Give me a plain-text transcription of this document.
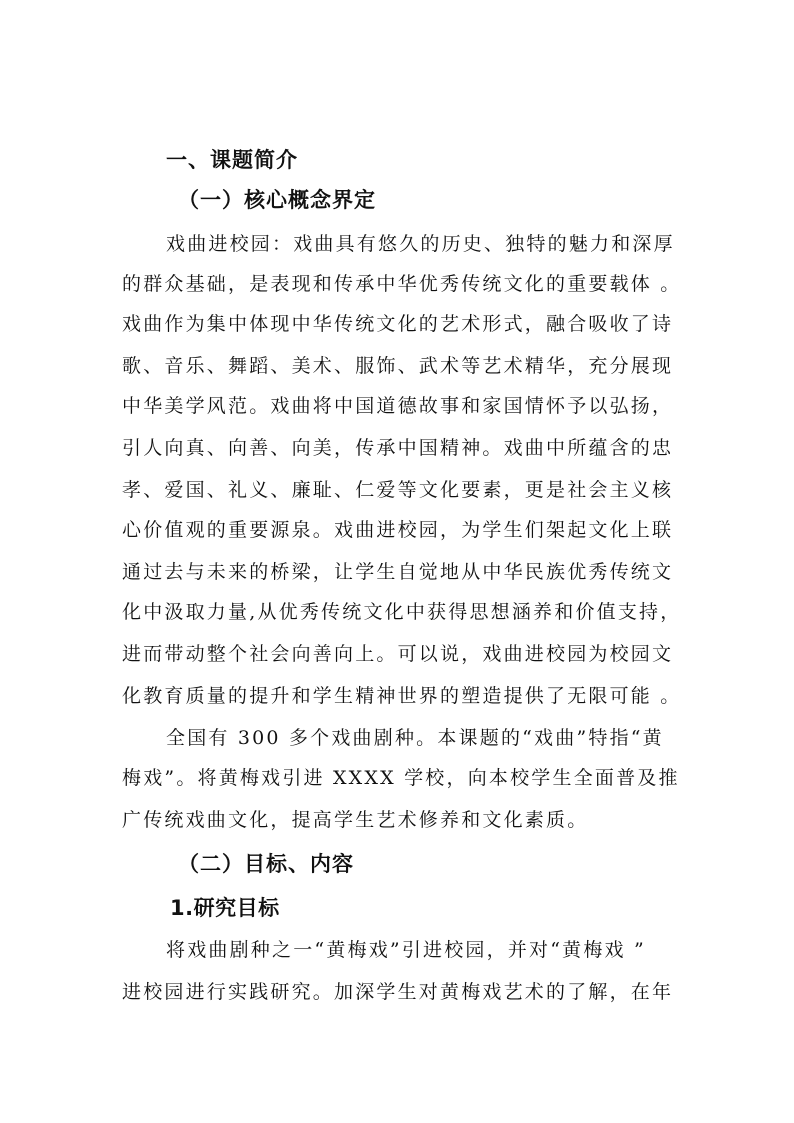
一、课题简介
（一）核心概念界定
戏曲进校园：戏曲具有悠久的历史、独特的魅力和深厚
的群众基础，是表现和传承中华优秀传统文化的重要载体 。
戏曲作为集中体现中华传统文化的艺术形式，融合吸收了诗
歌、音乐、舞蹈、美术、服饰、武术等艺术精华，充分展现
中华美学风范。戏曲将中国道德故事和家国情怀予以弘扬，
引人向真、向善、向美，传承中国精神。戏曲中所蕴含的忠
孝、爱国、礼义、廉耻、仁爱等文化要素，更是社会主义核
心价值观的重要源泉。戏曲进校园，为学生们架起文化上联
通过去与未来的桥梁，让学生自觉地从中华民族优秀传统文
化中汲取力量,从优秀传统文化中获得思想涵养和价值支持，
进而带动整个社会向善向上。可以说，戏曲进校园为校园文
化教育质量的提升和学生精神世界的塑造提供了无限可能 。
全国有 300 多个戏曲剧种。本课题的“戏曲”特指“黄
梅戏”。将黄梅戏引进 XXXX 学校，向本校学生全面普及推
广传统戏曲文化，提高学生艺术修养和文化素质。
（二）目标、内容
1.研究目标
将戏曲剧种之一“黄梅戏”引进校园，并对“黄梅戏 ”
进校园进行实践研究。加深学生对黄梅戏艺术的了解，在年
